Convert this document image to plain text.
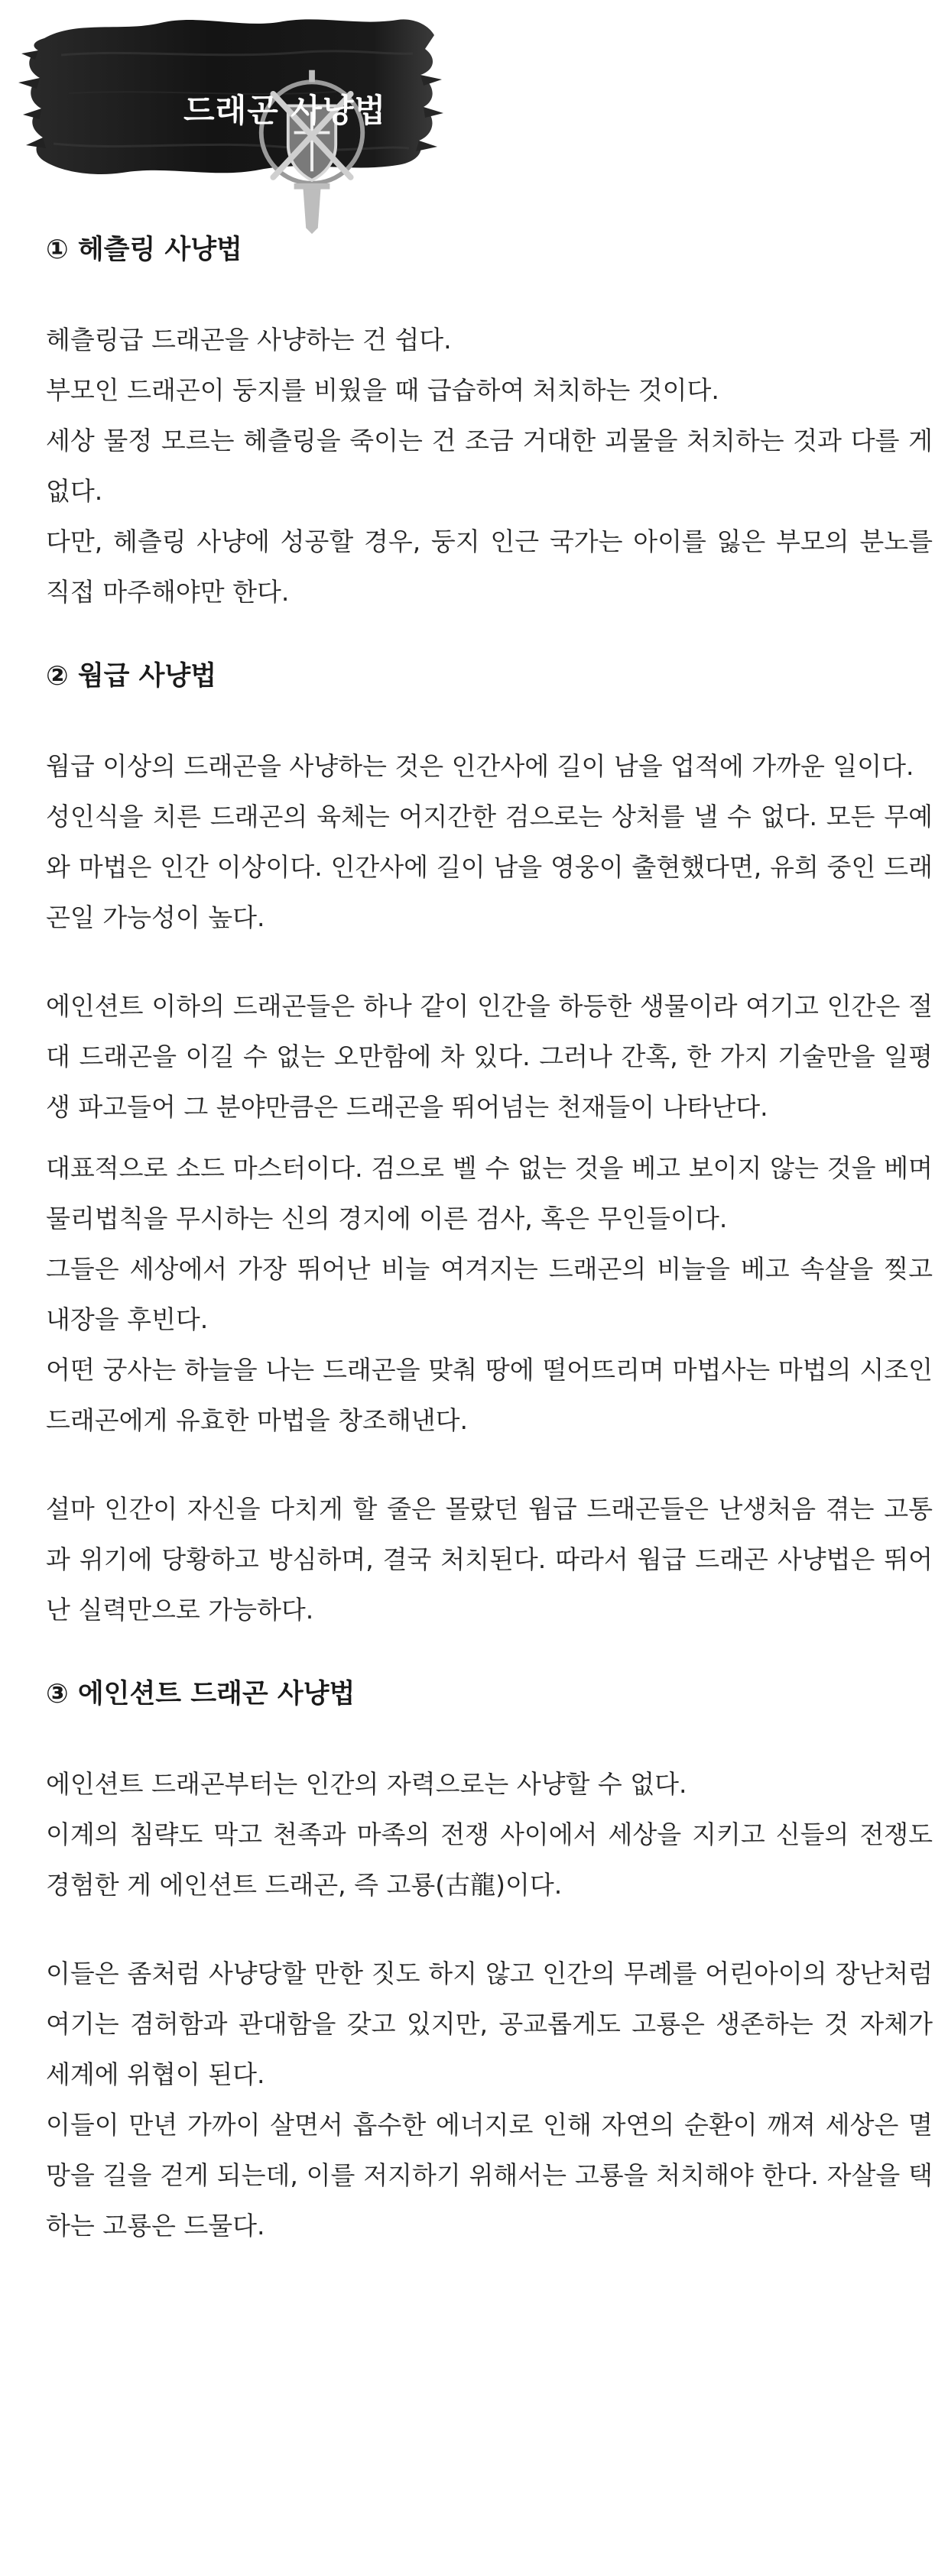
드래곤 사냥법
① 헤츨링 사냥법

헤츨링급 드래곤을 사냥하는 건 쉽다.

부모인 드래곤이 둥지를 비웠을 때 급습하여 처치하는 것이다.

세상 물정 모르는 헤츨링을 죽이는 건 조금 거대한 괴물을 처치하는 것과 다를 게 없다.

다만, 헤츨링 사냥에 성공할 경우, 둥지 인근 국가는 아이를 잃은 부모의 분노를 직접 마주해야만 한다.

② 웜급 사냥법

웜급 이상의 드래곤을 사냥하는 것은 인간사에 길이 남을 업적에 가까운 일이다.

성인식을 치른 드래곤의 육체는 어지간한 검으로는 상처를 낼 수 없다. 모든 무예와 마법은 인간 이상이다. 인간사에 길이 남을 영웅이 출현했다면, 유희 중인 드래곤일 가능성이 높다.

에인션트 이하의 드래곤들은 하나 같이 인간을 하등한 생물이라 여기고 인간은 절대 드래곤을 이길 수 없는 오만함에 차 있다. 그러나 간혹, 한 가지 기술만을 일평생 파고들어 그 분야만큼은 드래곤을 뛰어넘는 천재들이 나타난다.

대표적으로 소드 마스터이다. 검으로 벨 수 없는 것을 베고 보이지 않는 것을 베며 물리법칙을 무시하는 신의 경지에 이른 검사, 혹은 무인들이다.

그들은 세상에서 가장 뛰어난 비늘 여겨지는 드래곤의 비늘을 베고 속살을 찢고 내장을 후빈다.

어떤 궁사는 하늘을 나는 드래곤을 맞춰 땅에 떨어뜨리며 마법사는 마법의 시조인 드래곤에게 유효한 마법을 창조해낸다.

설마 인간이 자신을 다치게 할 줄은 몰랐던 웜급 드래곤들은 난생처음 겪는 고통과 위기에 당황하고 방심하며, 결국 처치된다. 따라서 웜급 드래곤 사냥법은 뛰어난 실력만으로 가능하다.

③ 에인션트 드래곤 사냥법

에인션트 드래곤부터는 인간의 자력으로는 사냥할 수 없다.

이계의 침략도 막고 천족과 마족의 전쟁 사이에서 세상을 지키고 신들의 전쟁도 경험한 게 에인션트 드래곤, 즉 고룡(古龍)이다.

이들은 좀처럼 사냥당할 만한 짓도 하지 않고 인간의 무례를 어린아이의 장난처럼 여기는 겸허함과 관대함을 갖고 있지만, 공교롭게도 고룡은 생존하는 것 자체가 세계에 위협이 된다.

이들이 만년 가까이 살면서 흡수한 에너지로 인해 자연의 순환이 깨져 세상은 멸망을 길을 걷게 되는데, 이를 저지하기 위해서는 고룡을 처치해야 한다. 자살을 택하는 고룡은 드물다.
